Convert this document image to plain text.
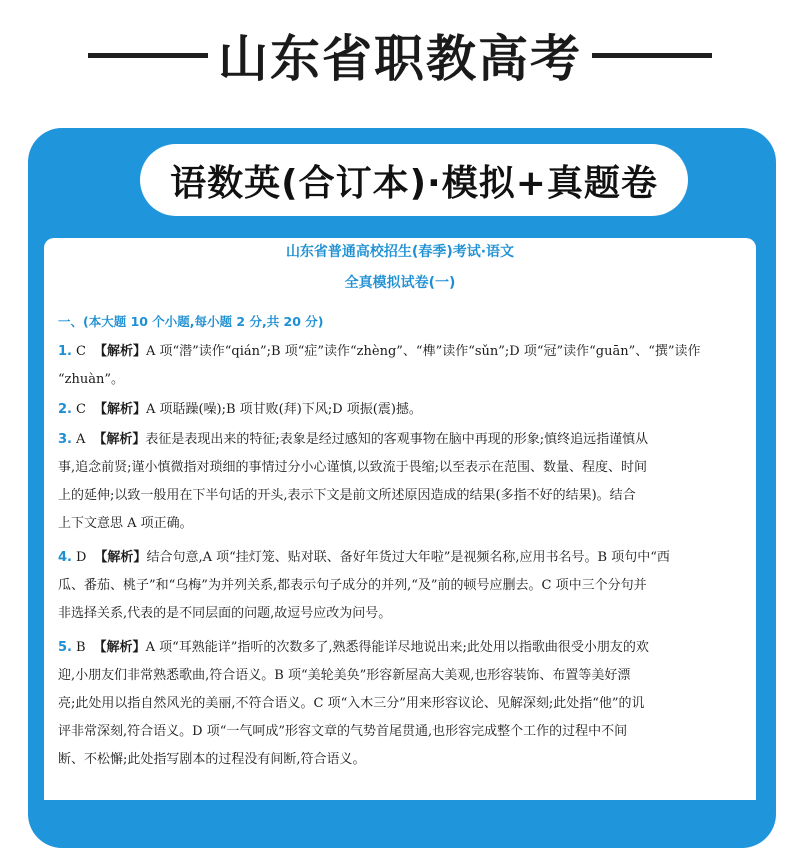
山东省职教高考
语数英(合订本)·模拟+真题卷
山东省普通高校招生(春季)考试·语文
全真模拟试卷(一)
一、(本大题 10 个小题,每小题 2 分,共 20 分)
1. C 【解析】A 项“潜”读作“qián”;B 项“症”读作“zhèng”、“榫”读作“sǔn”;D 项“冠”读作“guān”、“撰”读作
“zhuàn”。
2. C 【解析】A 项聒躁(噪);B 项甘败(拜)下风;D 项振(震)撼。
3. A 【解析】表征是表现出来的特征;表象是经过感知的客观事物在脑中再现的形象;慎终追远指谨慎从
事,追念前贤;谨小慎微指对琐细的事情过分小心谨慎,以致流于畏缩;以至表示在范围、数量、程度、时间
上的延伸;以致一般用在下半句话的开头,表示下文是前文所述原因造成的结果(多指不好的结果)。结合
上下文意思 A 项正确。
4. D 【解析】结合句意,A 项“挂灯笼、贴对联、备好年货过大年啦”是视频名称,应用书名号。B 项句中“西
瓜、番茄、桃子”和“乌梅”为并列关系,都表示句子成分的并列,“及”前的顿号应删去。C 项中三个分句并
非选择关系,代表的是不同层面的问题,故逗号应改为问号。
5. B 【解析】A 项“耳熟能详”指听的次数多了,熟悉得能详尽地说出来;此处用以指歌曲很受小朋友的欢
迎,小朋友们非常熟悉歌曲,符合语义。B 项“美轮美奂”形容新屋高大美观,也形容装饰、布置等美好漂
亮;此处用以指自然风光的美丽,不符合语义。C 项“入木三分”用来形容议论、见解深刻;此处指“他”的讥
评非常深刻,符合语义。D 项“一气呵成”形容文章的气势首尾贯通,也形容完成整个工作的过程中不间
断、不松懈;此处指写剧本的过程没有间断,符合语义。
